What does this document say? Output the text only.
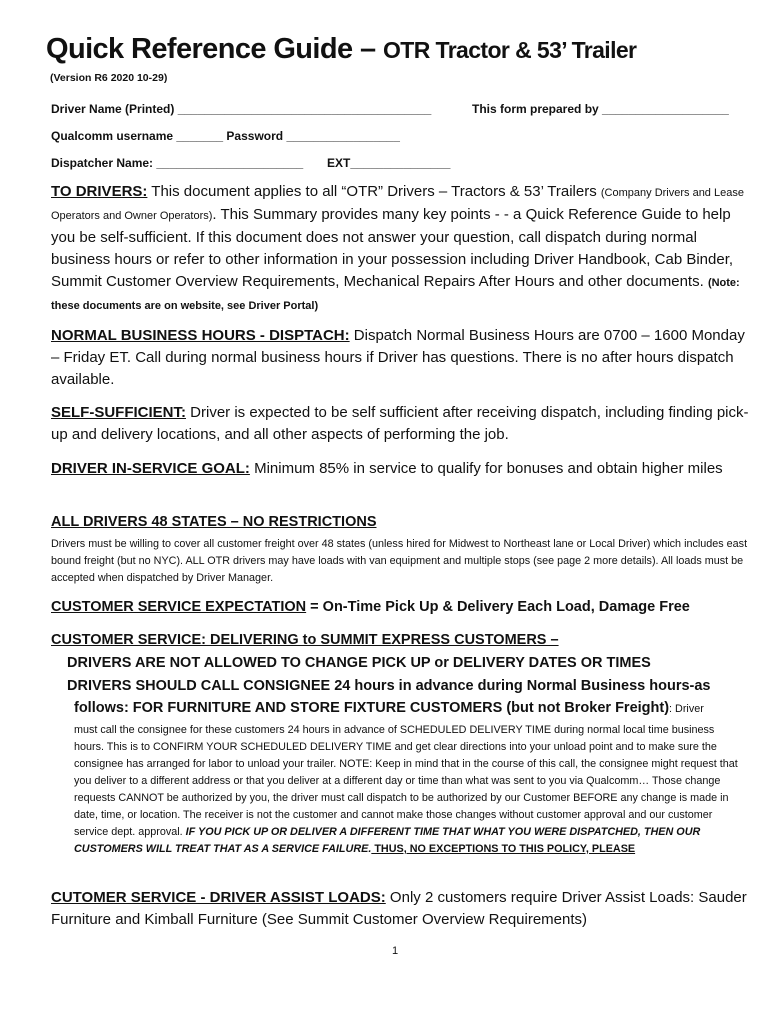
Quick Reference Guide – OTR Tractor & 53’ Trailer
(Version R6 2020 10-29)
Driver Name (Printed) ______________________________________	This form prepared by ___________________
Qualcomm username _______ Password _________________
Dispatcher Name: ______________________ EXT_______________
TO DRIVERS: This document applies to all “OTR” Drivers – Tractors & 53’ Trailers (Company Drivers and Lease Operators and Owner Operators). This Summary provides many key points - - a Quick Reference Guide to help you be self-sufficient. If this document does not answer your question, call dispatch during normal business hours or refer to other information in your possession including Driver Handbook, Cab Binder, Summit Customer Overview Requirements, Mechanical Repairs After Hours and other documents. (Note: these documents are on website, see Driver Portal)
NORMAL BUSINESS HOURS - DISPTACH: Dispatch Normal Business Hours are 0700 – 1600 Monday – Friday ET. Call during normal business hours if Driver has questions. There is no after hours dispatch available.
SELF-SUFFICIENT: Driver is expected to be self sufficient after receiving dispatch, including finding pick-up and delivery locations, and all other aspects of performing the job.
DRIVER IN-SERVICE GOAL: Minimum 85% in service to qualify for bonuses and obtain higher miles
ALL DRIVERS 48 STATES – NO RESTRICTIONS
Drivers must be willing to cover all customer freight over 48 states (unless hired for Midwest to Northeast lane or Local Driver) which includes east bound freight (but no NYC). ALL OTR drivers may have loads with van equipment and multiple stops (see page 2 more details). All loads must be accepted when dispatched by Driver Manager.
CUSTOMER SERVICE EXPECTATION = On-Time Pick Up & Delivery Each Load, Damage Free
CUSTOMER SERVICE: DELIVERING to SUMMIT EXPRESS CUSTOMERS –
DRIVERS ARE NOT ALLOWED TO CHANGE PICK UP or DELIVERY DATES OR TIMES
DRIVERS SHOULD CALL CONSIGNEE 24 hours in advance during Normal Business hours-as
follows: FOR FURNITURE AND STORE FIXTURE CUSTOMERS (but not Broker Freight): Driver
must call the consignee for these customers 24 hours in advance of SCHEDULED DELIVERY TIME during normal local time business hours. This is to CONFIRM YOUR SCHEDULED DELIVERY TIME and get clear directions into your unload point and to make sure the consignee has arranged for labor to unload your trailer. NOTE: Keep in mind that in the course of this call, the consignee might request that you deliver to a different address or that you deliver at a different day or time than what was sent to you via Qualcomm… Those change requests CANNOT be authorized by you, the driver must call dispatch to be authorized by our Customer BEFORE any change is made in date, time, or location. The receiver is not the customer and cannot make those changes without customer approval and our customer service dept. approval. IF YOU PICK UP OR DELIVER A DIFFERENT TIME THAT WHAT YOU WERE DISPATCHED, THEN OUR CUSTOMERS WILL TREAT THAT AS A SERVICE FAILURE. THUS, NO EXCEPTIONS TO THIS POLICY, PLEASE
CUTOMER SERVICE - DRIVER ASSIST LOADS: Only 2 customers require Driver Assist Loads: Sauder Furniture and Kimball Furniture (See Summit Customer Overview Requirements)
1
